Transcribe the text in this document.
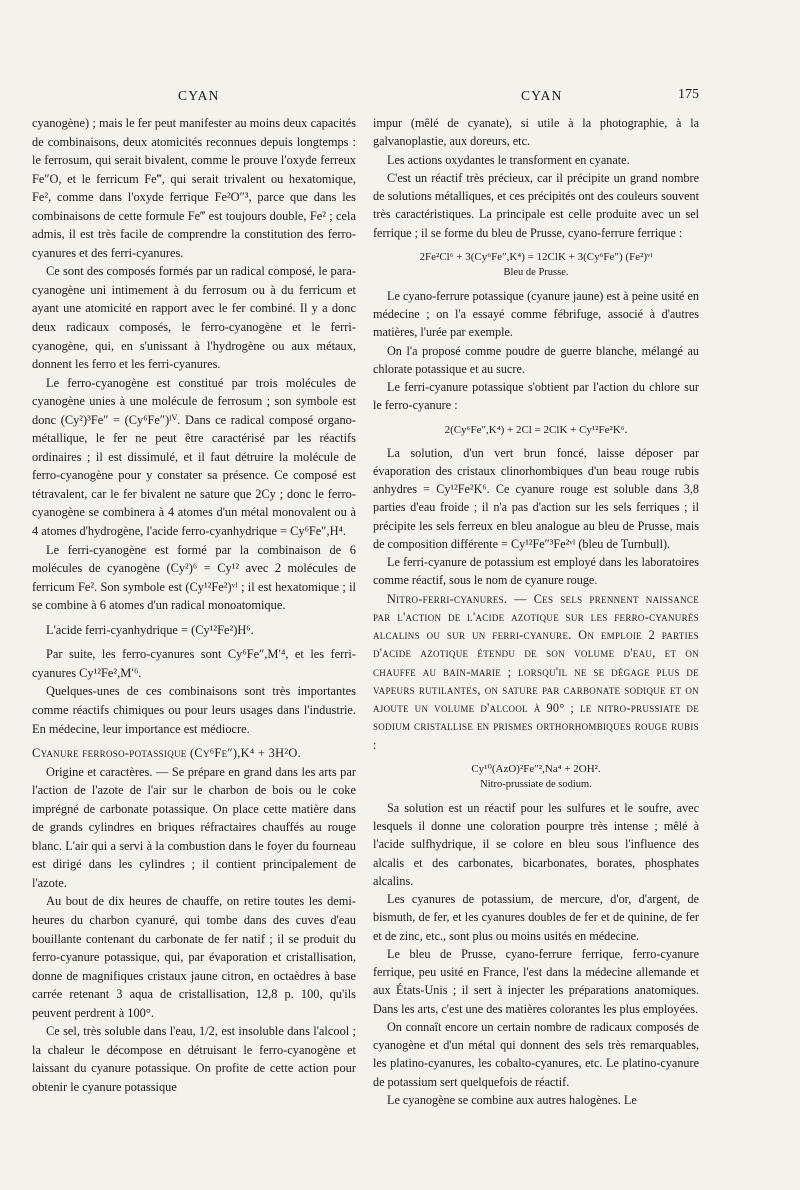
CYAN	CYAN	175

cyanogène) ; mais le fer peut manifester au moins deux capacités de combinaisons, deux atomicités reconnues depuis longtemps : le ferrosum, qui serait bivalent, comme le prouve l'oxyde ferreux Fe″O, et le ferricum Fe‴, qui serait trivalent ou hexatomique, Fe², comme dans l'oxyde ferrique Fe²O″³, parce que dans les combinaisons de cette formule Fe‴ est toujours double, Fe² ; cela admis, il est très facile de comprendre la constitution des ferro-cyanures et des ferri-cyanures.

Ce sont des composés formés par un radical composé, le para-cyanogène uni intimement à du ferrosum ou à du ferricum et ayant une atomicité en rapport avec le fer combiné. Il y a donc deux radicaux composés, le ferro-cyanogène et le ferri-cyanogène, qui, en s'unissant à l'hydrogène ou aux métaux, donnent les ferro et les ferri-cyanures.

Le ferro-cyanogène est constitué par trois molécules de cyanogène unies à une molécule de ferrosum ; son symbole est donc (Cy²)³Fe″ = (Cy⁶Fe″)ᴵⱽ. Dans ce radical composé organo-métallique, le fer ne peut être caractérisé par les réactifs ordinaires ; il est dissimulé, et il faut détruire la molécule de ferro-cyanogène pour y constater sa présence. Ce composé est tétravalent, car le fer bivalent ne sature que 2Cy ; donc le ferro-cyanogène se combinera à 4 atomes d'un métal monovalent ou à 4 atomes d'hydrogène, l'acide ferro-cyanhydrique = Cy⁶Fe″,H⁴.

Le ferri-cyanogène est formé par la combinaison de 6 molécules de cyanogène (Cy²)⁶ = Cy¹² avec 2 molécules de ferricum Fe². Son symbole est (Cy¹²Fe²)ᵛᴵ ; il est hexatomique ; il se combine à 6 atomes d'un radical monoatomique.

L'acide ferri-cyanhydrique = (Cy¹²Fe²)H⁶.

Par suite, les ferro-cyanures sont Cy⁶Fe″,M′⁴, et les ferri-cyanures Cy¹²Fe²,M′⁶.

Quelques-unes de ces combinaisons sont très importantes comme réactifs chimiques ou pour leurs usages dans l'industrie. En médecine, leur importance est médiocre.

Cyanure ferroso-potassique (Cy⁶Fe″),K⁴ + 3H²O.

Origine et caractères. — Se prépare en grand dans les arts par l'action de l'azote de l'air sur le charbon de bois ou le coke imprégné de carbonate potassique. On place cette matière dans de grands cylindres en briques réfractaires chauffés au rouge blanc. L'air qui a servi à la combustion dans le foyer du fourneau est dirigé dans les cylindres ; il contient principalement de l'azote.

Au bout de dix heures de chauffe, on retire toutes les demi-heures du charbon cyanuré, qui tombe dans des cuves d'eau bouillante contenant du carbonate de fer natif ; il se produit du ferro-cyanure potassique, qui, par évaporation et cristallisation, donne de magnifiques cristaux jaune citron, en octaèdres à base carrée retenant 3 aqua de cristallisation, 12,8 p. 100, qu'ils peuvent perdrent à 100°.

Ce sel, très soluble dans l'eau, 1/2, est insoluble dans l'alcool ; la chaleur le décompose en détruisant le ferro-cyanogène et laissant du cyanure potassique. On profite de cette action pour obtenir le cyanure potassique

impur (mêlé de cyanate), si utile à la photographie, à la galvanoplastie, aux doreurs, etc.

Les actions oxydantes le transforment en cyanate.

C'est un réactif très précieux, car il précipite un grand nombre de solutions métalliques, et ces précipités ont des couleurs souvent très caractéristiques. La principale est celle produite avec un sel ferrique ; il se forme du bleu de Prusse, cyano-ferrure ferrique :

2Fe²Cl⁶ + 3(Cy⁶Fe″,K⁴) = 12ClK + 3(Cy⁶Fe″) (Fe²)ᵛᴵ

Bleu de Prusse.

Le cyano-ferrure potassique (cyanure jaune) est à peine usité en médecine ; on l'a essayé comme fébrifuge, associé à d'autres matières, l'urée par exemple.

On l'a proposé comme poudre de guerre blanche, mélangé au chlorate potassique et au sucre.

Le ferri-cyanure potassique s'obtient par l'action du chlore sur le ferro-cyanure :

2(Cy⁶Fe″,K⁴) + 2Cl = 2ClK + Cy¹²Fe²K⁶.

La solution, d'un vert brun foncé, laisse déposer par évaporation des cristaux clinorhombiques d'un beau rouge rubis anhydres = Cy¹²Fe²K⁶. Ce cyanure rouge est soluble dans 3,8 parties d'eau froide ; il n'a pas d'action sur les sels ferriques ; il précipite les sels ferreux en bleu analogue au bleu de Prusse, mais de composition différente = Cy¹²Fe″³Fe²ᵛᴵ (bleu de Turnbull).

Le ferri-cyanure de potassium est employé dans les laboratoires comme réactif, sous le nom de cyanure rouge.

Nitro-ferri-cyanures. — Ces sels prennent naissance par l'action de l'acide azotique sur les ferro-cyanurés alcalins ou sur un ferri-cyanure. On emploie 2 parties d'acide azotique étendu de son volume d'eau, et on chauffe au bain-marie ; lorsqu'il ne se dégage plus de vapeurs rutilantes, on sature par carbonate sodique et on ajoute un volume d'alcool à 90° ; le nitro-prussiate de sodium cristallise en prismes orthorhombiques rouge rubis :

Cy¹⁰(AzO)²Fe″²,Na⁴ + 2OH².

Nitro-prussiate de sodium.

Sa solution est un réactif pour les sulfures et le soufre, avec lesquels il donne une coloration pourpre très intense ; mêlé à l'acide sulfhydrique, il se colore en bleu sous l'influence des alcalis et des carbonates, bicarbonates, borates, phosphates alcalins.

Les cyanures de potassium, de mercure, d'or, d'argent, de bismuth, de fer, et les cyanures doubles de fer et de quinine, de fer et de zinc, etc., sont plus ou moins usités en médecine.

Le bleu de Prusse, cyano-ferrure ferrique, ferro-cyanure ferrique, peu usité en France, l'est dans la médecine allemande et aux États-Unis ; il sert à injecter les préparations anatomiques. Dans les arts, c'est une des matières colorantes les plus employées.

On connaît encore un certain nombre de radicaux composés de cyanogène et d'un métal qui donnent des sels très remarquables, les platino-cyanures, les cobalto-cyanures, etc. Le platino-cyanure de potassium sert quelquefois de réactif.

Le cyanogène se combine aux autres halogènes. Le
